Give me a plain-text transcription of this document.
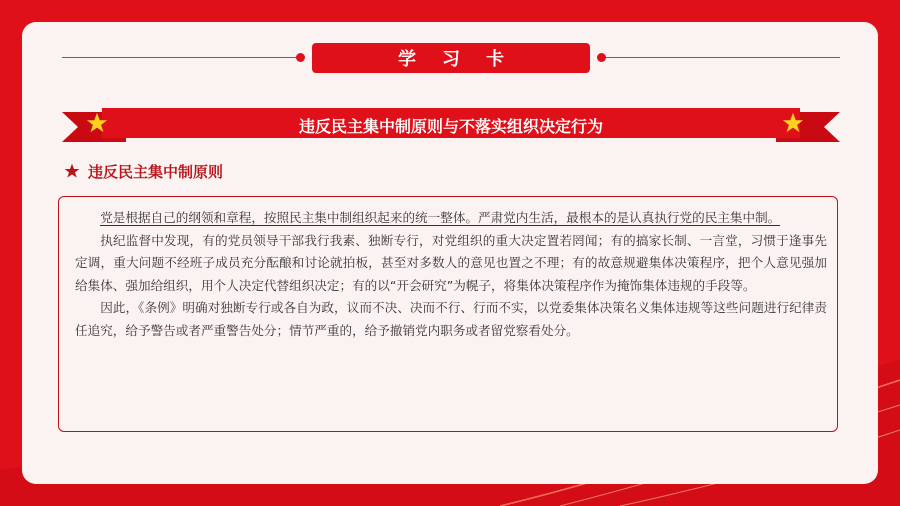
学习卡
违反民主集中制原则与不落实组织决定行为
违反民主集中制原则

党是根据自己的纲领和章程，按照民主集中制组织起来的统一整体。严肃党内生活，最根本的是认真执行党的民主集中制。

执纪监督中发现，有的党员领导干部我行我素、独断专行，对党组织的重大决定置若罔闻；有的搞家长制、一言堂，习惯于逢事先定调，重大问题不经班子成员充分酝酿和讨论就拍板，甚至对多数人的意见也置之不理；有的故意规避集体决策程序，把个人意见强加给集体、强加给组织，用个人决定代替组织决定；有的以“开会研究”为幌子，将集体决策程序作为掩饰集体违规的手段等。

因此，《条例》明确对独断专行或各自为政，议而不决、决而不行、行而不实，以党委集体决策名义集体违规等这些问题进行纪律责任追究，给予警告或者严重警告处分；情节严重的，给予撤销党内职务或者留党察看处分。
